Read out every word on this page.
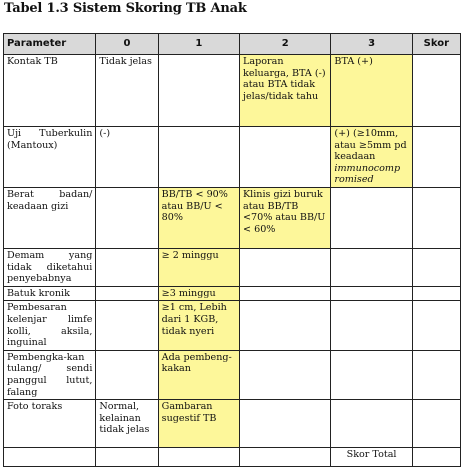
Tabel 1.3 Sistem Skoring TB Anak
Parameter	0	1	2	3	Skor
Kontak TB	Tidak jelas		Laporan keluarga, BTA (-) atau BTA tidak jelas/tidak tahu	BTA (+)	
Uji Tuberkulin (Mantoux)	(-)			(+) (≥10mm, atau ≥5mm pd keadaan immunocomp romised	
Berat badan/ keadaan gizi		BB/TB < 90% atau BB/U < 80%	Klinis gizi buruk atau BB/TB <70% atau BB/U < 60%		
Demam yang tidak diketahui penyebabnya		≥ 2 minggu			
Batuk kronik		≥3 minggu			
Pembesaran kelenjar limfe kolli, aksila, inguinal		≥1 cm, Lebih dari 1 KGB, tidak nyeri			
Pembengka-kan tulang/ sendi panggul lutut, falang		Ada pembeng-kakan			
Foto toraks	Normal, kelainan tidak jelas	Gambaran sugestif TB			
				Skor Total	
